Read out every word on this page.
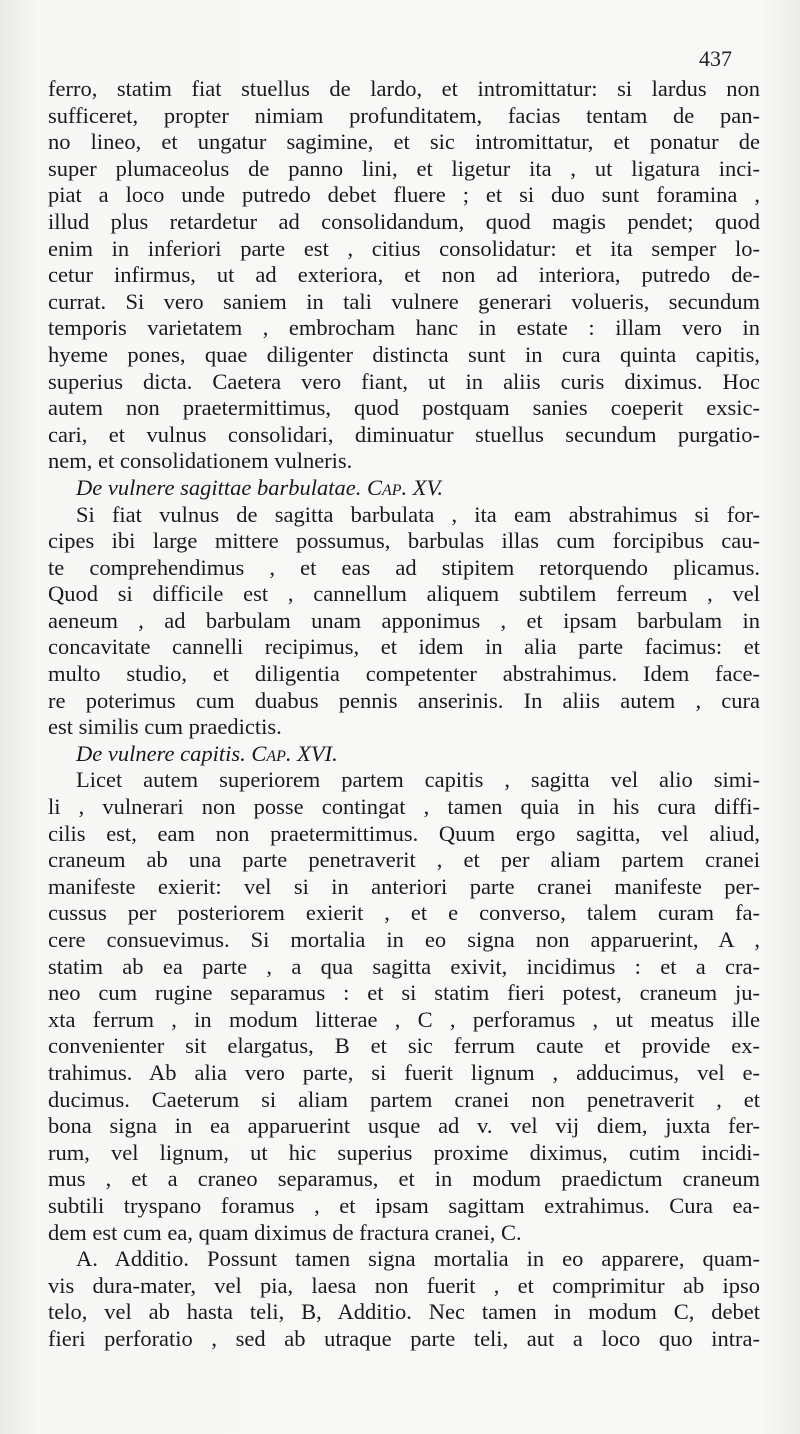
437
ferro, statim fiat stuellus de lardo, et intromittatur: si lardus non
sufficeret, propter nimiam profunditatem, facias tentam de pan-
no lineo, et ungatur sagimine, et sic intromittatur, et ponatur de
super plumaceolus de panno lini, et ligetur ita , ut ligatura inci-
piat a loco unde putredo debet fluere ; et si duo sunt foramina ,
illud plus retardetur ad consolidandum, quod magis pendet; quod
enim in inferiori parte est , citius consolidatur: et ita semper lo-
cetur infirmus, ut ad exteriora, et non ad interiora, putredo de-
currat. Si vero saniem in tali vulnere generari volueris, secundum
temporis varietatem , embrocham hanc in estate : illam vero in
hyeme pones, quae diligenter distincta sunt in cura quinta capitis,
superius dicta. Caetera vero fiant, ut in aliis curis diximus. Hoc
autem non praetermittimus, quod postquam sanies coeperit exsic-
cari, et vulnus consolidari, diminuatur stuellus secundum purgatio-
nem, et consolidationem vulneris.
De vulnere sagittae barbulatae. Cap. XV.
Si fiat vulnus de sagitta barbulata , ita eam abstrahimus si for-
cipes ibi large mittere possumus, barbulas illas cum forcipibus cau-
te comprehendimus , et eas ad stipitem retorquendo plicamus.
Quod si difficile est , cannellum aliquem subtilem ferreum , vel
aeneum , ad barbulam unam apponimus , et ipsam barbulam in
concavitate cannelli recipimus, et idem in alia parte facimus: et
multo studio, et diligentia competenter abstrahimus. Idem face-
re poterimus cum duabus pennis anserinis. In aliis autem , cura
est similis cum praedictis.
De vulnere capitis. Cap. XVI.
Licet autem superiorem partem capitis , sagitta vel alio simi-
li , vulnerari non posse contingat , tamen quia in his cura diffi-
cilis est, eam non praetermittimus. Quum ergo sagitta, vel aliud,
craneum ab una parte penetraverit , et per aliam partem cranei
manifeste exierit: vel si in anteriori parte cranei manifeste per-
cussus per posteriorem exierit , et e converso, talem curam fa-
cere consuevimus. Si mortalia in eo signa non apparuerint, A ,
statim ab ea parte , a qua sagitta exivit, incidimus : et a cra-
neo cum rugine separamus : et si statim fieri potest, craneum ju-
xta ferrum , in modum litterae , C , perforamus , ut meatus ille
convenienter sit elargatus, B et sic ferrum caute et provide ex-
trahimus. Ab alia vero parte, si fuerit lignum , adducimus, vel e-
ducimus. Caeterum si aliam partem cranei non penetraverit , et
bona signa in ea apparuerint usque ad v. vel vij diem, juxta fer-
rum, vel lignum, ut hic superius proxime diximus, cutim incidi-
mus , et a craneo separamus, et in modum praedictum craneum
subtili tryspano foramus , et ipsam sagittam extrahimus. Cura ea-
dem est cum ea, quam diximus de fractura cranei, C.
A. Additio. Possunt tamen signa mortalia in eo apparere, quam-
vis dura-mater, vel pia, laesa non fuerit , et comprimitur ab ipso
telo, vel ab hasta teli, B, Additio. Nec tamen in modum C, debet
fieri perforatio , sed ab utraque parte teli, aut a loco quo intra-
